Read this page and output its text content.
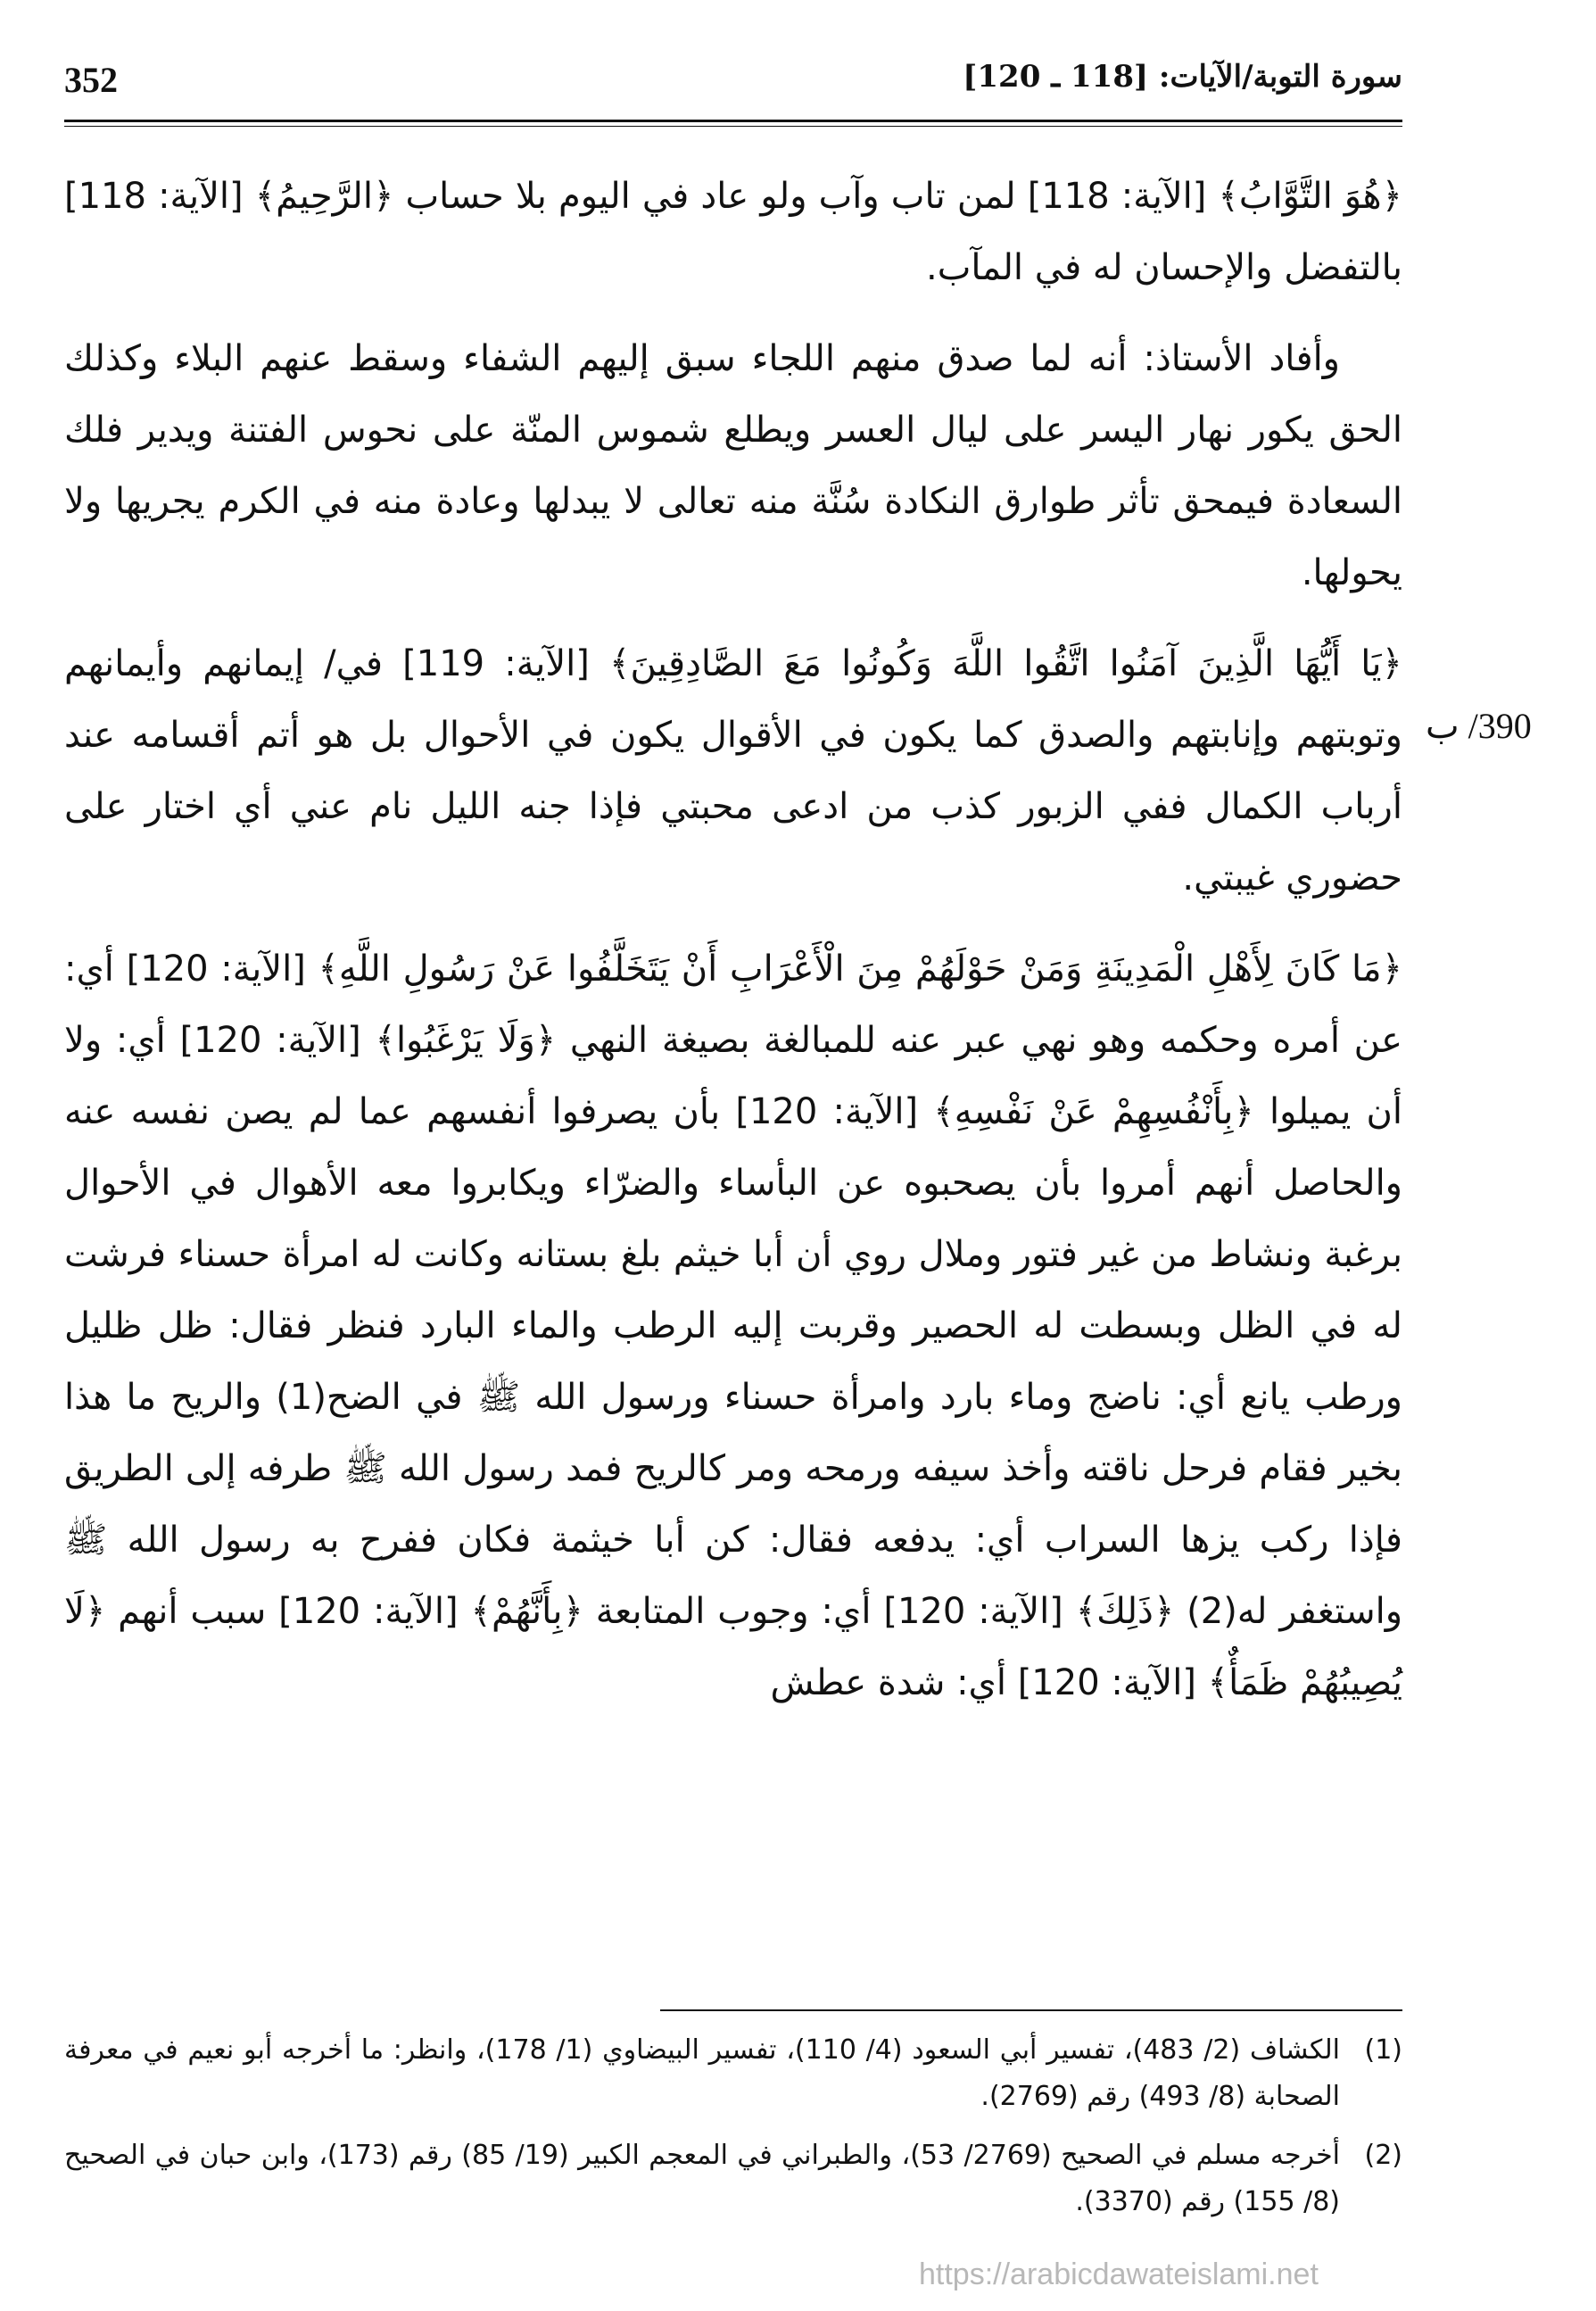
352	سورة التوبة/الآيات: [118 ـ 120]
390/ ب

﴿هُوَ التَّوَّابُ﴾ [الآية: 118] لمن تاب وآب ولو عاد في اليوم بلا حساب ﴿الرَّحِيمُ﴾ [الآية: 118] بالتفضل والإحسان له في المآب.

وأفاد الأستاذ: أنه لما صدق منهم اللجاء سبق إليهم الشفاء وسقط عنهم البلاء وكذلك الحق يكور نهار اليسر على ليال العسر ويطلع شموس المنّة على نحوس الفتنة ويدير فلك السعادة فيمحق تأثر طوارق النكادة سُنَّة منه تعالى لا يبدلها وعادة منه في الكرم يجريها ولا يحولها.

﴿يَا أَيُّهَا الَّذِينَ آمَنُوا اتَّقُوا اللَّهَ وَكُونُوا مَعَ الصَّادِقِينَ﴾ [الآية: 119] في/ إيمانهم وأيمانهم وتوبتهم وإنابتهم والصدق كما يكون في الأقوال يكون في الأحوال بل هو أتم أقسامه عند أرباب الكمال ففي الزبور كذب من ادعى محبتي فإذا جنه الليل نام عني أي اختار على حضوري غيبتي.

﴿مَا كَانَ لِأَهْلِ الْمَدِينَةِ وَمَنْ حَوْلَهُمْ مِنَ الْأَعْرَابِ أَنْ يَتَخَلَّفُوا عَنْ رَسُولِ اللَّهِ﴾ [الآية: 120] أي: عن أمره وحكمه وهو نهي عبر عنه للمبالغة بصيغة النهي ﴿وَلَا يَرْغَبُوا﴾ [الآية: 120] أي: ولا أن يميلوا ﴿بِأَنْفُسِهِمْ عَنْ نَفْسِهِ﴾ [الآية: 120] بأن يصرفوا أنفسهم عما لم يصن نفسه عنه والحاصل أنهم أمروا بأن يصحبوه عن البأساء والضرّاء ويكابروا معه الأهوال في الأحوال برغبة ونشاط من غير فتور وملال روي أن أبا خيثم بلغ بستانه وكانت له امرأة حسناء فرشت له في الظل وبسطت له الحصير وقربت إليه الرطب والماء البارد فنظر فقال: ظل ظليل ورطب يانع أي: ناضج وماء بارد وامرأة حسناء ورسول الله ﷺ في الضح(1) والريح ما هذا بخير فقام فرحل ناقته وأخذ سيفه ورمحه ومر كالريح فمد رسول الله ﷺ طرفه إلى الطريق فإذا ركب يزها السراب أي: يدفعه فقال: كن أبا خيثمة فكان ففرح به رسول الله ﷺ واستغفر له(2) ﴿ذَلِكَ﴾ [الآية: 120] أي: وجوب المتابعة ﴿بِأَنَّهُمْ﴾ [الآية: 120] سبب أنهم ﴿لَا يُصِيبُهُمْ ظَمَأٌ﴾ [الآية: 120] أي: شدة عطش

(1)الكشاف (2/ 483)، تفسير أبي السعود (4/ 110)، تفسير البيضاوي (1/ 178)، وانظر: ما أخرجه أبو نعيم في معرفة الصحابة (8/ 493) رقم (2769).

(2)أخرجه مسلم في الصحيح (2769/ 53)، والطبراني في المعجم الكبير (19/ 85) رقم (173)، وابن حبان في الصحيح (8/ 155) رقم (3370).

https://arabicdawateislami.net
